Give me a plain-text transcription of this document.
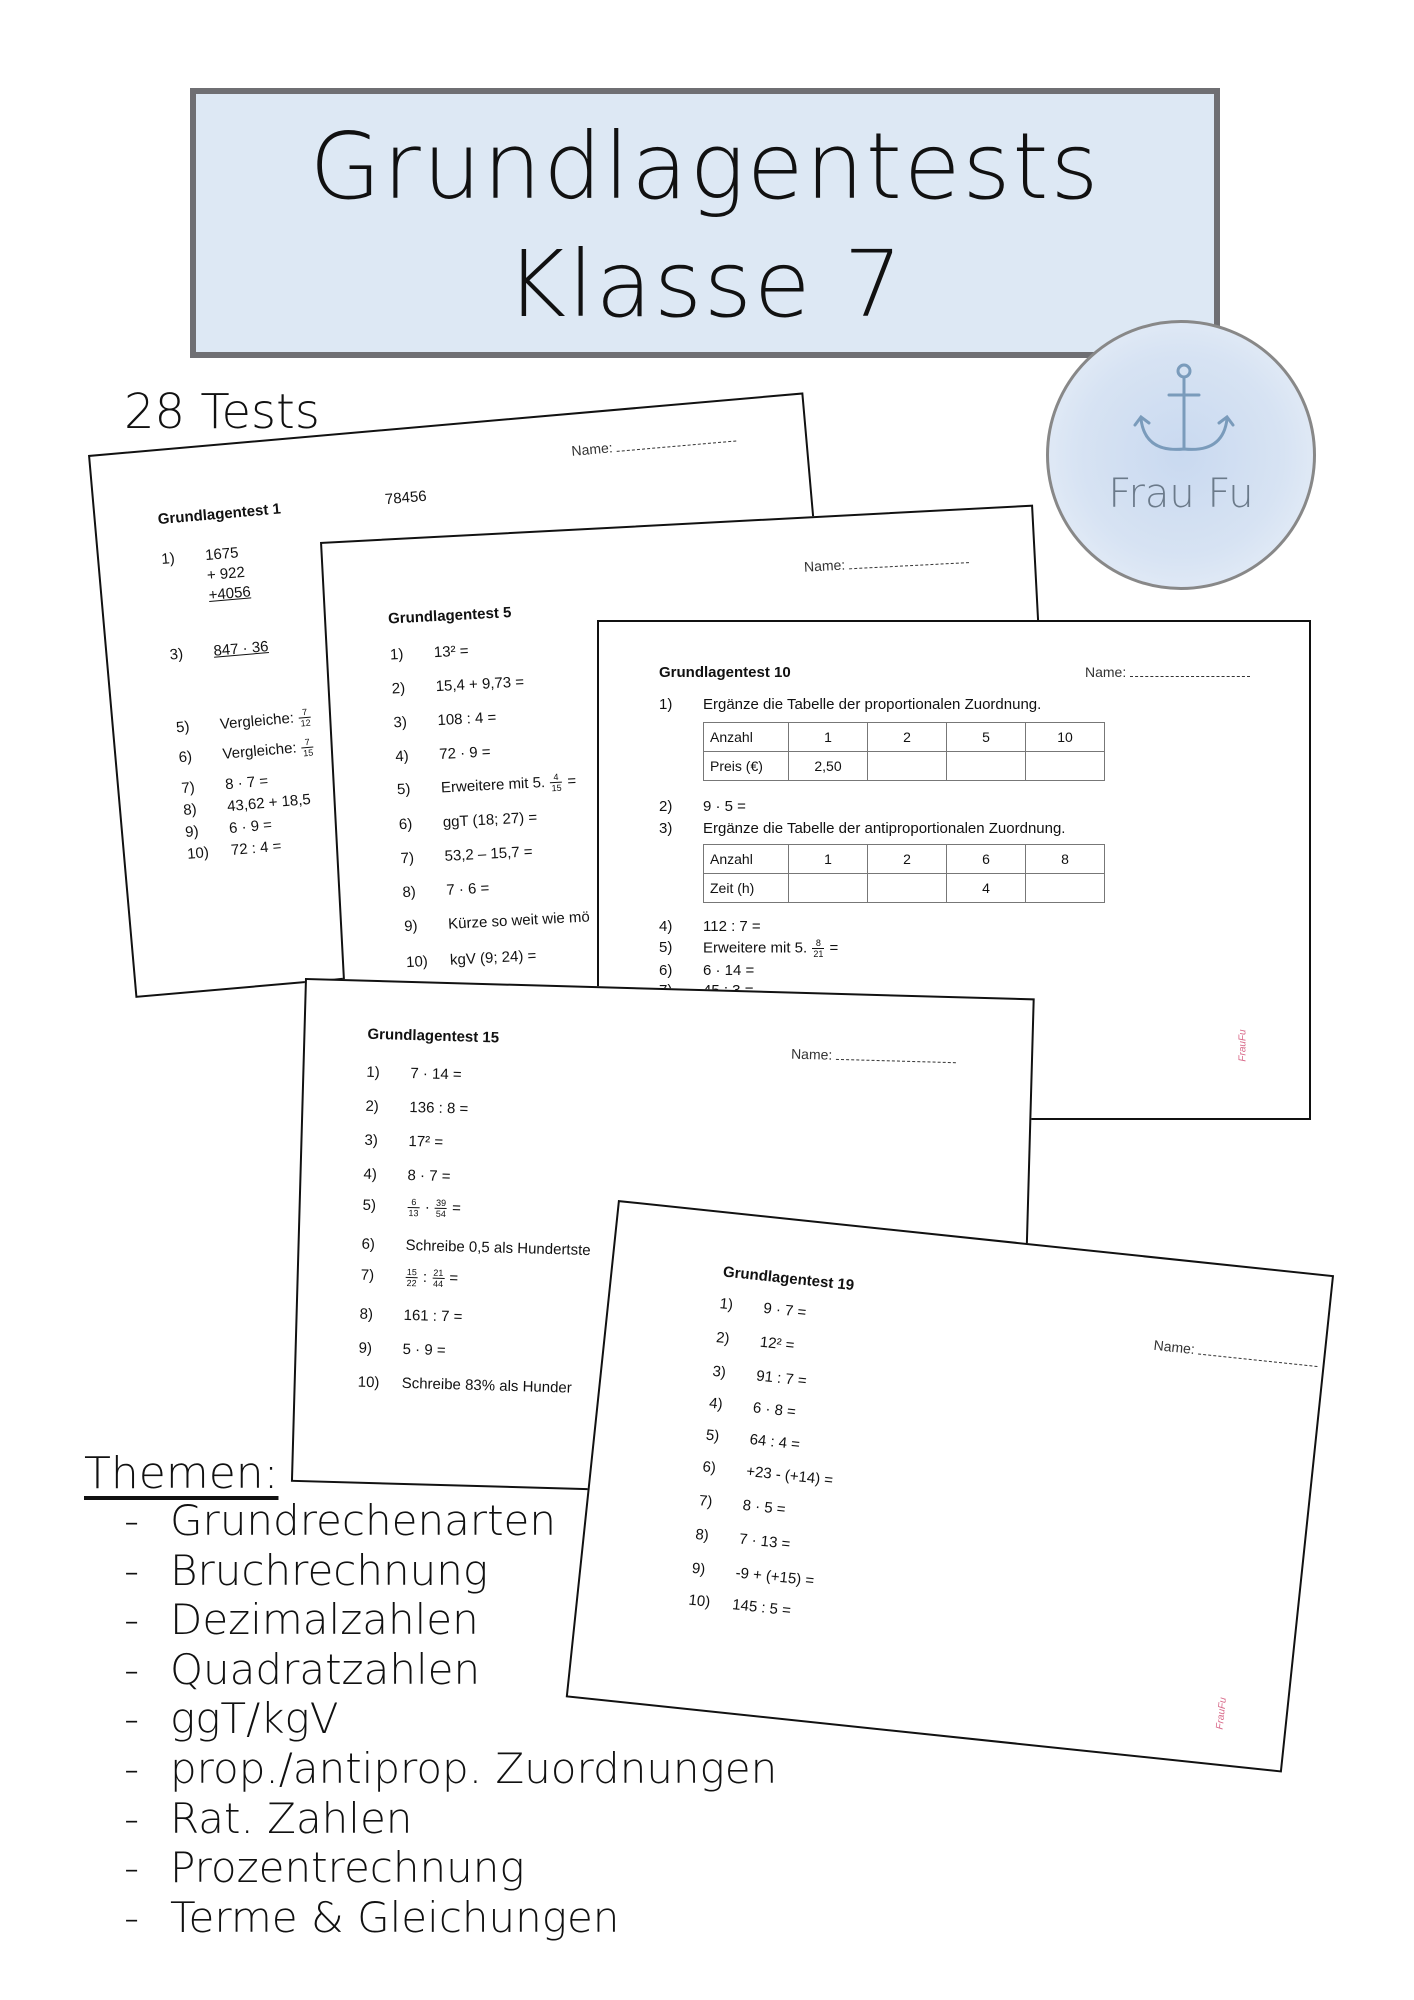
Grundlagentests
Klasse 7
28 Tests
Frau Fu
Grundlagentest 1
Name:
78456
1) 1675
+ 922
+4056
3) 847 · 36
5) Vergleiche: $\frac{7}{12}$
6) Vergleiche: $\frac{7}{15}$
7) 8 · 7 =
8) 43,62 + 18,5
9) 6 · 9 =
10) 72 : 4 =
Grundlagentest 5
Name:
1) 13² =
2) 15,4 + 9,73 =
3) 108 : 4 =
4) 72 · 9 =
5) Erweitere mit 5. $\frac{4}{15}$ =
6) ggT (18; 27) =
7) 53,2 – 15,7 =
8) 7 · 6 =
9) Kürze so weit wie mö
10) kgV (9; 24) =
Grundlagentest 10	Name:
1) Ergänze die Tabelle der proportionalen Zuordnung.
Anzahl	1	2	5	10
Preis (€)	2,50			
2) 9 · 5 =
3) Ergänze die Tabelle der antiproportionalen Zuordnung.
Anzahl	1	2	6	8
Zeit (h)			4	
4) 112 : 7 =
5) Erweitere mit 5. $\frac{8}{21}$ =
6) 6 · 14 =
FrauFu
Grundlagentest 15
Name:
1) 7 · 14 =
2) 136 : 8 =
3) 17² =
4) 8 · 7 =
5)	$\frac{6}{13} \cdot \frac{39}{54}$ =
6) Schreibe 0,5 als Hundertste
7)	$\frac{15}{22}$ : $\frac{21}{44}$ =
8) 161 : 7 =
9) 5 · 9 =
10) Schreibe 83% als Hunder
Grundlagentest 19
Name:
1) 9 · 7 =
2) 12² =
3) 91 : 7 =
4) 6 · 8 =
5) 64 : 4 =
6) +23 - (+14) =
7) 8 · 5 =
8) 7 · 13 =
9) -9 + (+15) =
10) 145 : 5 =
FrauFu
Themen:
- Grundrechenarten
- Bruchrechnung
- Dezimalzahlen
- Quadratzahlen
- ggT/kgV
- prop./antiprop. Zuordnungen
- Rat. Zahlen
- Prozentrechnung
- Terme & Gleichungen
